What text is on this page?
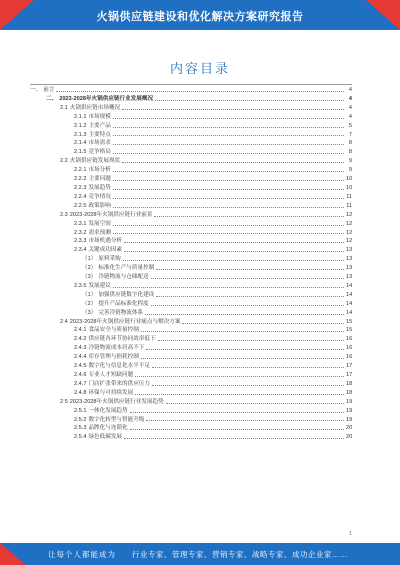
火锅供应链建设和优化解决方案研究报告
内容目录
一、 前言	4
二、 2023-2028年火锅供应链行业发展概况	4
2.1 火锅供应链市场概况	4
2.1.1 市场规模	4
2.1.2 主要产品	5
2.1.3 主要特点	7
2.1.4 市场需求	8
2.1.5 竞争格局	8
2.2 火锅供应链发展现状	9
2.2.1 市场分析	9
2.2.2 主要问题	10
2.2.3 发展趋势	10
2.2.4 竞争情况	11
2.2.5 政策影响	11
2.3 2023-2028年火锅供应链行业前景	12
2.3.1 发展空间	12
2.3.2 需求预测	12
2.3.3 市场机遇分析	12
2.3.4 关键成功因素	13
（1） 原料采购	13
（2） 标准化生产与质量控制	13
（3） 冷链物流与仓储配送	13
2.3.5 发展建议	14
（1） 加强供应链数字化建设	14
（2） 提升产品标准化程度	14
（3） 完善冷链物流体系	14
2.4 2023-2028年火锅供应链行业痛点与解决方案	15
2.4.1 食品安全与质量控制	15
2.4.2 供应链各环节协同效率低下	16
2.4.3 冷链物流成本居高不下	16
2.4.4 库存管理与损耗控制	16
2.4.5 数字化与信息化水平不足	17
2.4.6 专业人才短缺问题	17
2.4.7 门店扩张带来的供应压力	18
2.4.8 环保与可持续发展	18
2.5 2023-2028年火锅供应链行业发展趋势	19
2.5.1 一体化发展趋势	19
2.5.2 数字化转型与智能升级	19
2.5.3 品牌化与连锁化	20
2.5.4 绿色低碳发展	20
1
让每个人都能成为 行业专家、管理专家、营销专家、战略专家、成功企业家……
